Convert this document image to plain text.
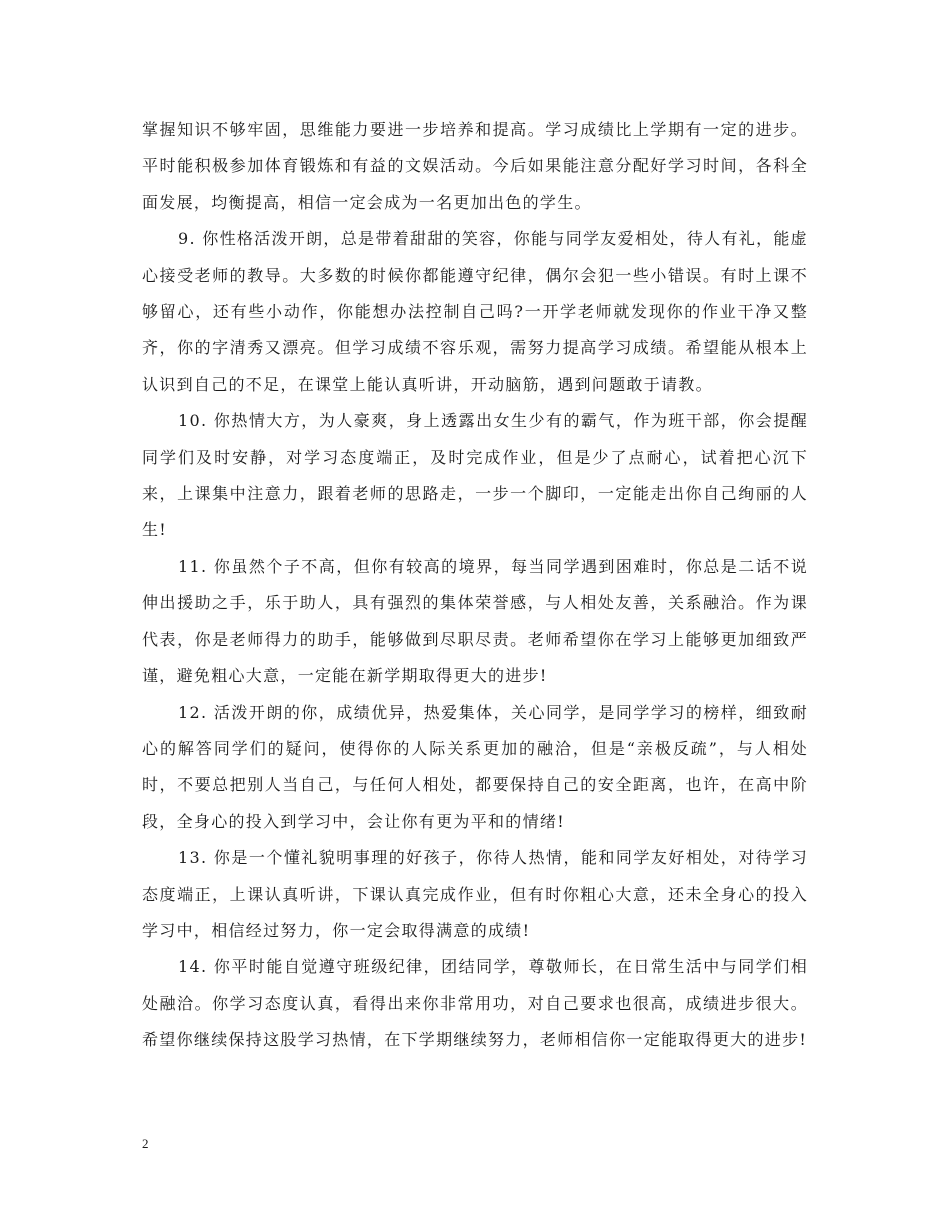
掌握知识不够牢固，思维能力要进一步培养和提高。学习成绩比上学期有一定的进步。平时能积极参加体育锻炼和有益的文娱活动。今后如果能注意分配好学习时间，各科全面发展，均衡提高，相信一定会成为一名更加出色的学生。

9. 你性格活泼开朗，总是带着甜甜的笑容，你能与同学友爱相处，待人有礼，能虚心接受老师的教导。大多数的时候你都能遵守纪律，偶尔会犯一些小错误。有时上课不够留心，还有些小动作，你能想办法控制自己吗?一开学老师就发现你的作业干净又整齐，你的字清秀又漂亮。但学习成绩不容乐观，需努力提高学习成绩。希望能从根本上认识到自己的不足，在课堂上能认真听讲，开动脑筋，遇到问题敢于请教。

10. 你热情大方，为人豪爽，身上透露出女生少有的霸气，作为班干部，你会提醒同学们及时安静，对学习态度端正，及时完成作业，但是少了点耐心，试着把心沉下来，上课集中注意力，跟着老师的思路走，一步一个脚印，一定能走出你自己绚丽的人生!

11. 你虽然个子不高，但你有较高的境界，每当同学遇到困难时，你总是二话不说伸出援助之手，乐于助人，具有强烈的集体荣誉感，与人相处友善，关系融洽。作为课代表，你是老师得力的助手，能够做到尽职尽责。老师希望你在学习上能够更加细致严谨，避免粗心大意，一定能在新学期取得更大的进步!

12. 活泼开朗的你，成绩优异，热爱集体，关心同学，是同学学习的榜样，细致耐心的解答同学们的疑问，使得你的人际关系更加的融洽，但是“亲极反疏”，与人相处时，不要总把别人当自己，与任何人相处，都要保持自己的安全距离，也许，在高中阶段，全身心的投入到学习中，会让你有更为平和的情绪!

13. 你是一个懂礼貌明事理的好孩子，你待人热情，能和同学友好相处，对待学习态度端正，上课认真听讲，下课认真完成作业，但有时你粗心大意，还未全身心的投入学习中，相信经过努力，你一定会取得满意的成绩!

14. 你平时能自觉遵守班级纪律，团结同学，尊敬师长，在日常生活中与同学们相处融洽。你学习态度认真，看得出来你非常用功，对自己要求也很高，成绩进步很大。希望你继续保持这股学习热情，在下学期继续努力，老师相信你一定能取得更大的进步!

2
